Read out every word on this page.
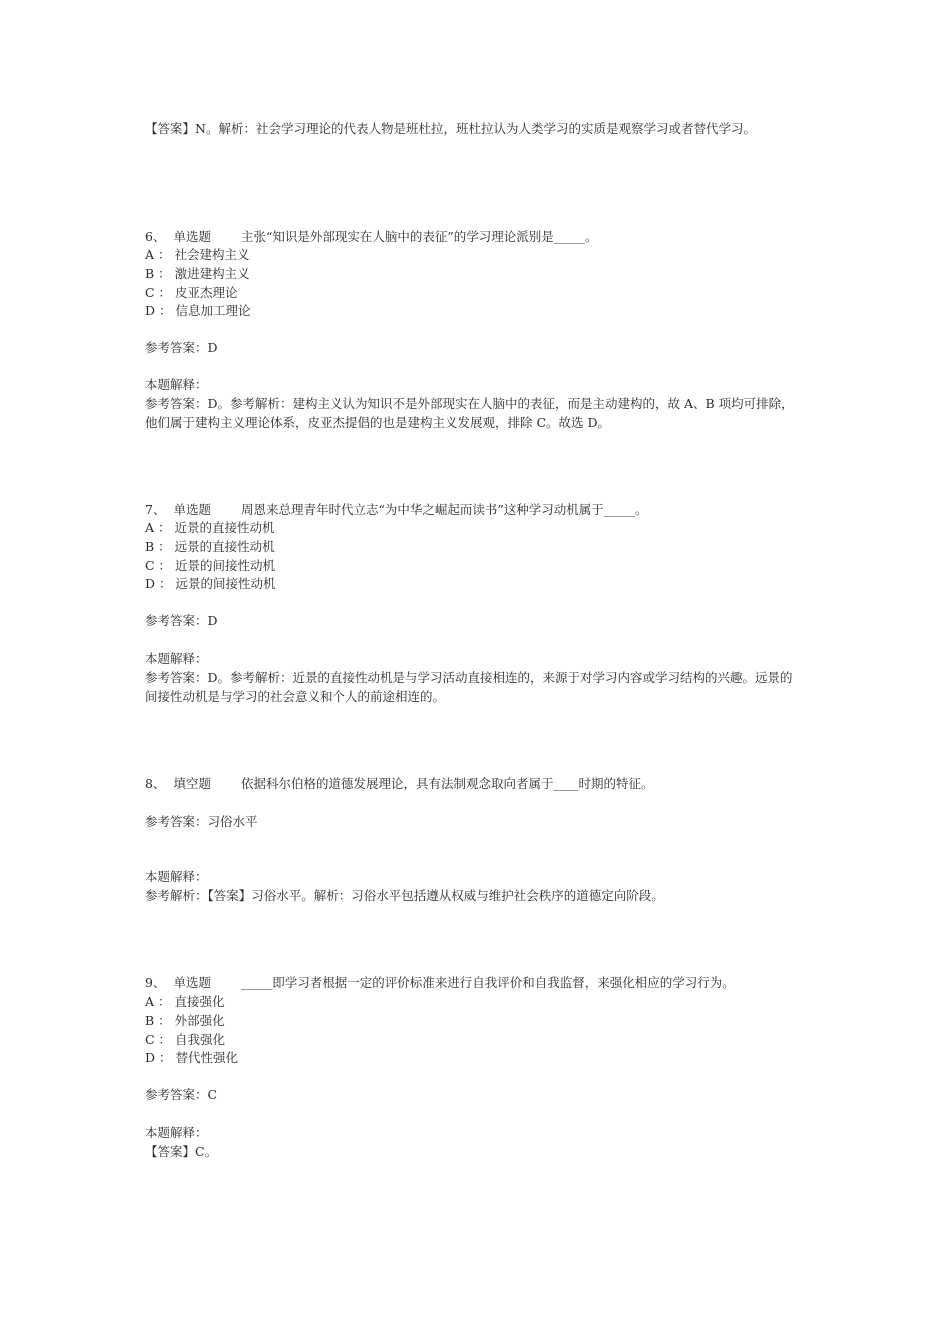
【答案】N。解析：社会学习理论的代表人物是班杜拉，班杜拉认为人类学习的实质是观察学习或者替代学习。
6、 单选题 主张“知识是外部现实在人脑中的表征”的学习理论派别是_____。
A ： 社会建构主义
B ： 激进建构主义
C ： 皮亚杰理论
D ： 信息加工理论
参考答案：D
本题解释：
参考答案：D。参考解析：建构主义认为知识不是外部现实在人脑中的表征，而是主动建构的，故 A、B 项均可排除，他们属于建构主义理论体系，皮亚杰提倡的也是建构主义发展观，排除 C。故选 D。
7、 单选题 周恩来总理青年时代立志“为中华之崛起而读书”这种学习动机属于_____。
A ： 近景的直接性动机
B ： 远景的直接性动机
C ： 近景的间接性动机
D ： 远景的间接性动机
参考答案：D
本题解释：
参考答案：D。参考解析：近景的直接性动机是与学习活动直接相连的，来源于对学习内容或学习结构的兴趣。远景的间接性动机是与学习的社会意义和个人的前途相连的。
8、 填空题 依据科尔伯格的道德发展理论，具有法制观念取向者属于____时期的特征。
参考答案：习俗水平
本题解释：
参考解析：【答案】习俗水平。解析：习俗水平包括遵从权威与维护社会秩序的道德定向阶段。
9、 单选题 _____即学习者根据一定的评价标准来进行自我评价和自我监督，来强化相应的学习行为。
A ： 直接强化
B ： 外部强化
C ： 自我强化
D ： 替代性强化
参考答案：C
本题解释：
【答案】C。
